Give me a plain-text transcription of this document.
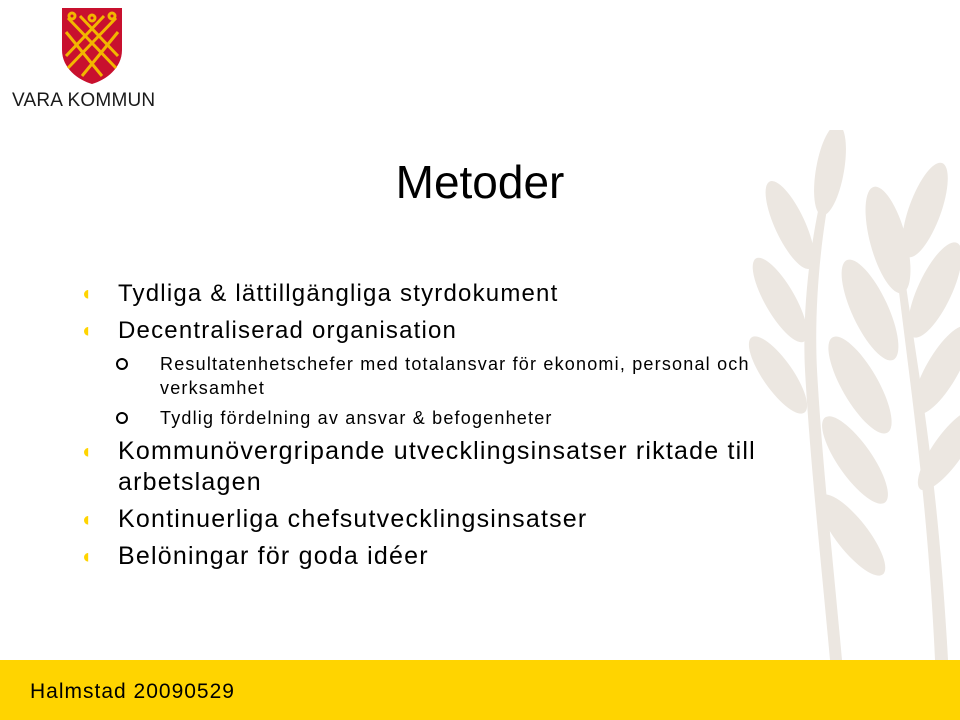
VARA KOMMUN
Metoder
◖ Tydliga & lättillgängliga styrdokument
◖ Decentraliserad organisation
Resultatenhetschefer med totalansvar för ekonomi, personal och verksamhet
Tydlig fördelning av ansvar & befogenheter
◖ Kommunövergripande utvecklingsinsatser riktade till arbetslagen
◖ Kontinuerliga chefsutvecklingsinsatser
◖ Belöningar för goda idéer
Halmstad 20090529
